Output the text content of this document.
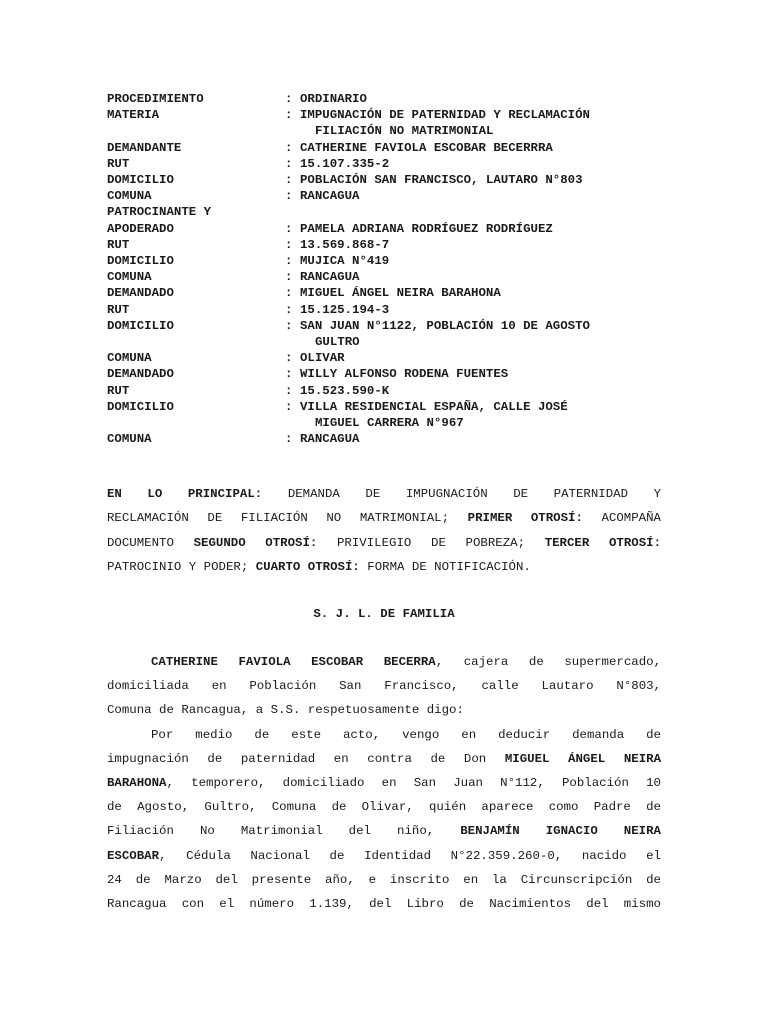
PROCEDIMIENTO	: ORDINARIO
MATERIA	: IMPUGNACIÓN DE PATERNIDAD Y RECLAMACIÓN
FILIACIÓN NO MATRIMONIAL
DEMANDANTE	: CATHERINE FAVIOLA ESCOBAR BECERRRA
RUT	: 15.107.335-2
DOMICILIO	: POBLACIÓN SAN FRANCISCO, LAUTARO N°803
COMUNA	: RANCAGUA
PATROCINANTE Y
APODERADO	: PAMELA ADRIANA RODRÍGUEZ RODRÍGUEZ
RUT	: 13.569.868-7
DOMICILIO	: MUJICA N°419
COMUNA	: RANCAGUA
DEMANDADO	: MIGUEL ÁNGEL NEIRA BARAHONA
RUT	: 15.125.194-3
DOMICILIO	: SAN JUAN N°1122, POBLACIÓN 10 DE AGOSTO
GULTRO
COMUNA	: OLIVAR
DEMANDADO	: WILLY ALFONSO RODENA FUENTES
RUT	: 15.523.590-K
DOMICILIO	: VILLA RESIDENCIAL ESPAÑA, CALLE JOSÉ
MIGUEL CARRERA N°967
COMUNA	: RANCAGUA
EN LO PRINCIPAL: DEMANDA DE IMPUGNACIÓN DE PATERNIDAD Y
RECLAMACIÓN DE FILIACIÓN NO MATRIMONIAL; PRIMER OTROSÍ: ACOMPAÑA
DOCUMENTO SEGUNDO OTROSÍ: PRIVILEGIO DE POBREZA; TERCER OTROSÍ:
PATROCINIO Y PODER; CUARTO OTROSÍ: FORMA DE NOTIFICACIÓN.
S. J. L. DE FAMILIA
CATHERINE FAVIOLA ESCOBAR BECERRA, cajera de supermercado,
domiciliada en Población San Francisco, calle Lautaro N°803,
Comuna de Rancagua, a S.S. respetuosamente digo:
Por medio de este acto, vengo en deducir demanda de
impugnación de paternidad en contra de Don MIGUEL ÁNGEL NEIRA
BARAHONA, temporero, domiciliado en San Juan N°112, Población 10
de Agosto, Gultro, Comuna de Olivar, quién aparece como Padre de
Filiación No Matrimonial del niño, BENJAMÍN IGNACIO NEIRA
ESCOBAR, Cédula Nacional de Identidad N°22.359.260-0, nacido el
24 de Marzo del presente año, e inscrito en la Circunscripción de
Rancagua con el número 1.139, del Libro de Nacimientos del mismo
